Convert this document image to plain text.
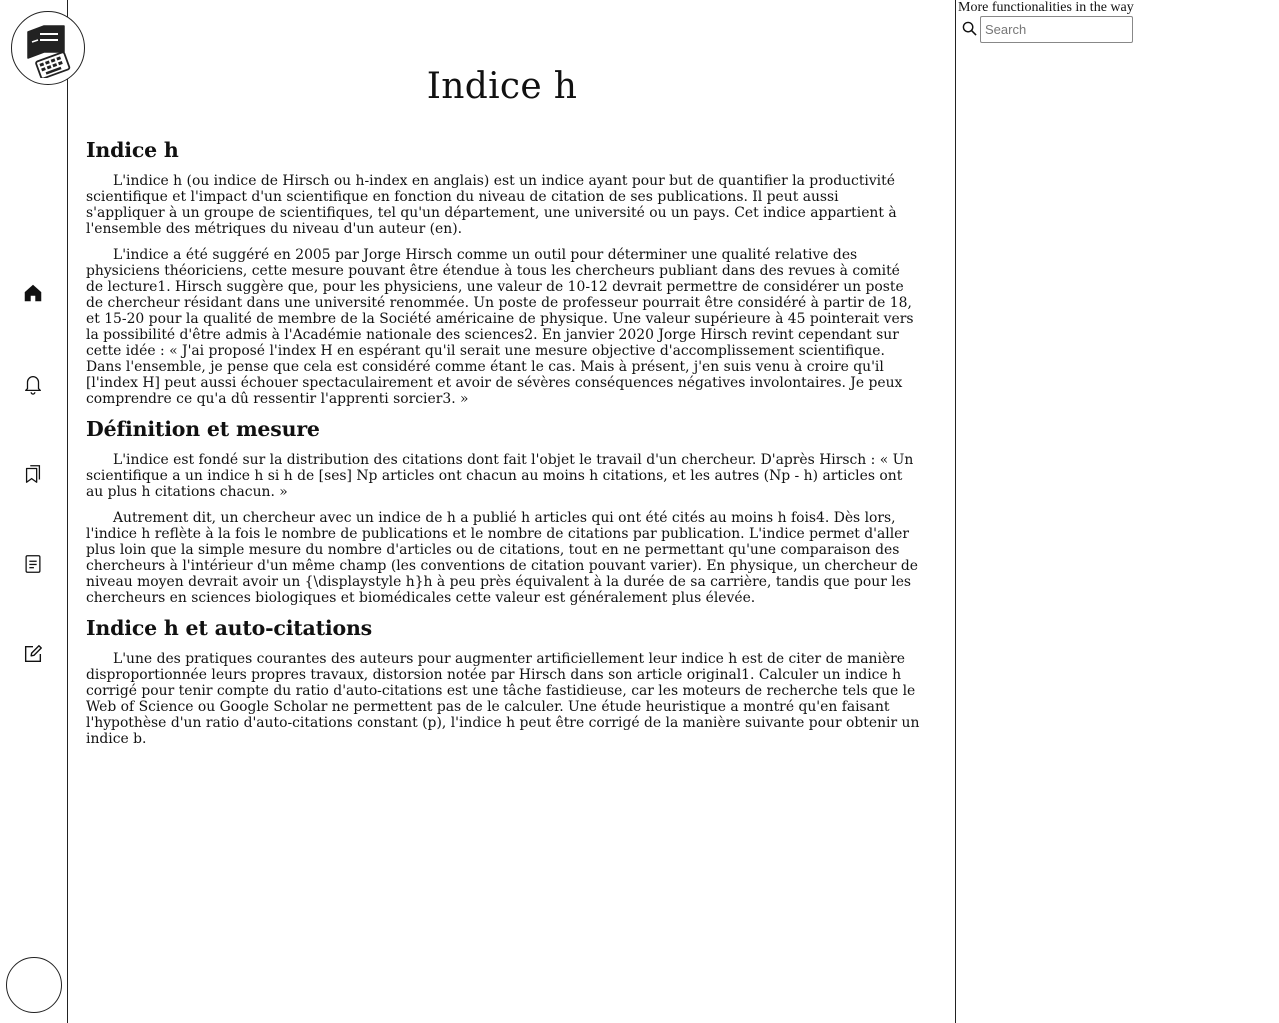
Indice h
Indice h

L'indice h (ou indice de Hirsch ou h-index en anglais) est un indice ayant pour but de quantifier la productivité scientifique et l'impact d'un scientifique en fonction du niveau de citation de ses publications. Il peut aussi s'appliquer à un groupe de scientifiques, tel qu'un département, une université ou un pays. Cet indice appartient à l'ensemble des métriques du niveau d'un auteur (en).

L'indice a été suggéré en 2005 par Jorge Hirsch comme un outil pour déterminer une qualité relative des physiciens théoriciens, cette mesure pouvant être étendue à tous les chercheurs publiant dans des revues à comité de lecture1. Hirsch suggère que, pour les physiciens, une valeur de 10-12 devrait permettre de considérer un poste de chercheur résidant dans une université renommée. Un poste de professeur pourrait être considéré à partir de 18, et 15-20 pour la qualité de membre de la Société américaine de physique. Une valeur supérieure à 45 pointerait vers la possibilité d'être admis à l'Académie nationale des sciences2. En janvier 2020 Jorge Hirsch revint cependant sur cette idée : « J'ai proposé l'index H en espérant qu'il serait une mesure objective d'accomplissement scientifique. Dans l'ensemble, je pense que cela est considéré comme étant le cas. Mais à présent, j'en suis venu à croire qu'il [l'index H] peut aussi échouer spectaculairement et avoir de sévères conséquences négatives involontaires. Je peux comprendre ce qu'a dû ressentir l'apprenti sorcier3. »

Définition et mesure

L'indice est fondé sur la distribution des citations dont fait l'objet le travail d'un chercheur. D'après Hirsch : « Un scientifique a un indice h si h de [ses] Np articles ont chacun au moins h citations, et les autres (Np - h) articles ont au plus h citations chacun. »

Autrement dit, un chercheur avec un indice de h a publié h articles qui ont été cités au moins h fois4. Dès lors, l'indice h reflète à la fois le nombre de publications et le nombre de citations par publication. L'indice permet d'aller plus loin que la simple mesure du nombre d'articles ou de citations, tout en ne permettant qu'une comparaison des chercheurs à l'intérieur d'un même champ (les conventions de citation pouvant varier). En physique, un chercheur de niveau moyen devrait avoir un {\displaystyle h}h à peu près équivalent à la durée de sa carrière, tandis que pour les chercheurs en sciences biologiques et biomédicales cette valeur est généralement plus élevée.

Indice h et auto-citations

L'une des pratiques courantes des auteurs pour augmenter artificiellement leur indice h est de citer de manière disproportionnée leurs propres travaux, distorsion notée par Hirsch dans son article original1. Calculer un indice h corrigé pour tenir compte du ratio d'auto-citations est une tâche fastidieuse, car les moteurs de recherche tels que le Web of Science ou Google Scholar ne permettent pas de le calculer. Une étude heuristique a montré qu'en faisant l'hypothèse d'un ratio d'auto-citations constant (p), l'indice h peut être corrigé de la manière suivante pour obtenir un indice b.

More functionalities in the way
Search
